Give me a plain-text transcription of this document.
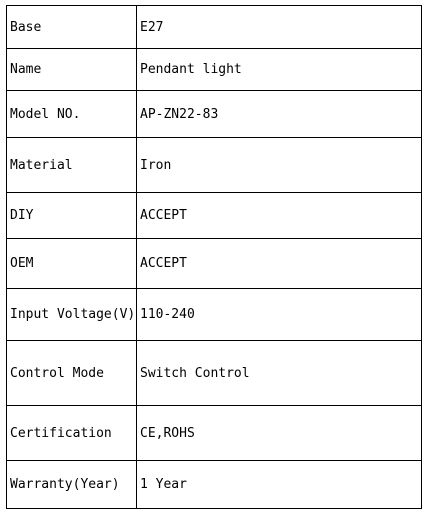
Base	E27
Name	Pendant light
Model NO.	AP-ZN22-83
Material	Iron
DIY	ACCEPT
OEM	ACCEPT
Input Voltage(V)	110-240
Control Mode	Switch Control
Certification	CE,ROHS
Warranty(Year)	1 Year
